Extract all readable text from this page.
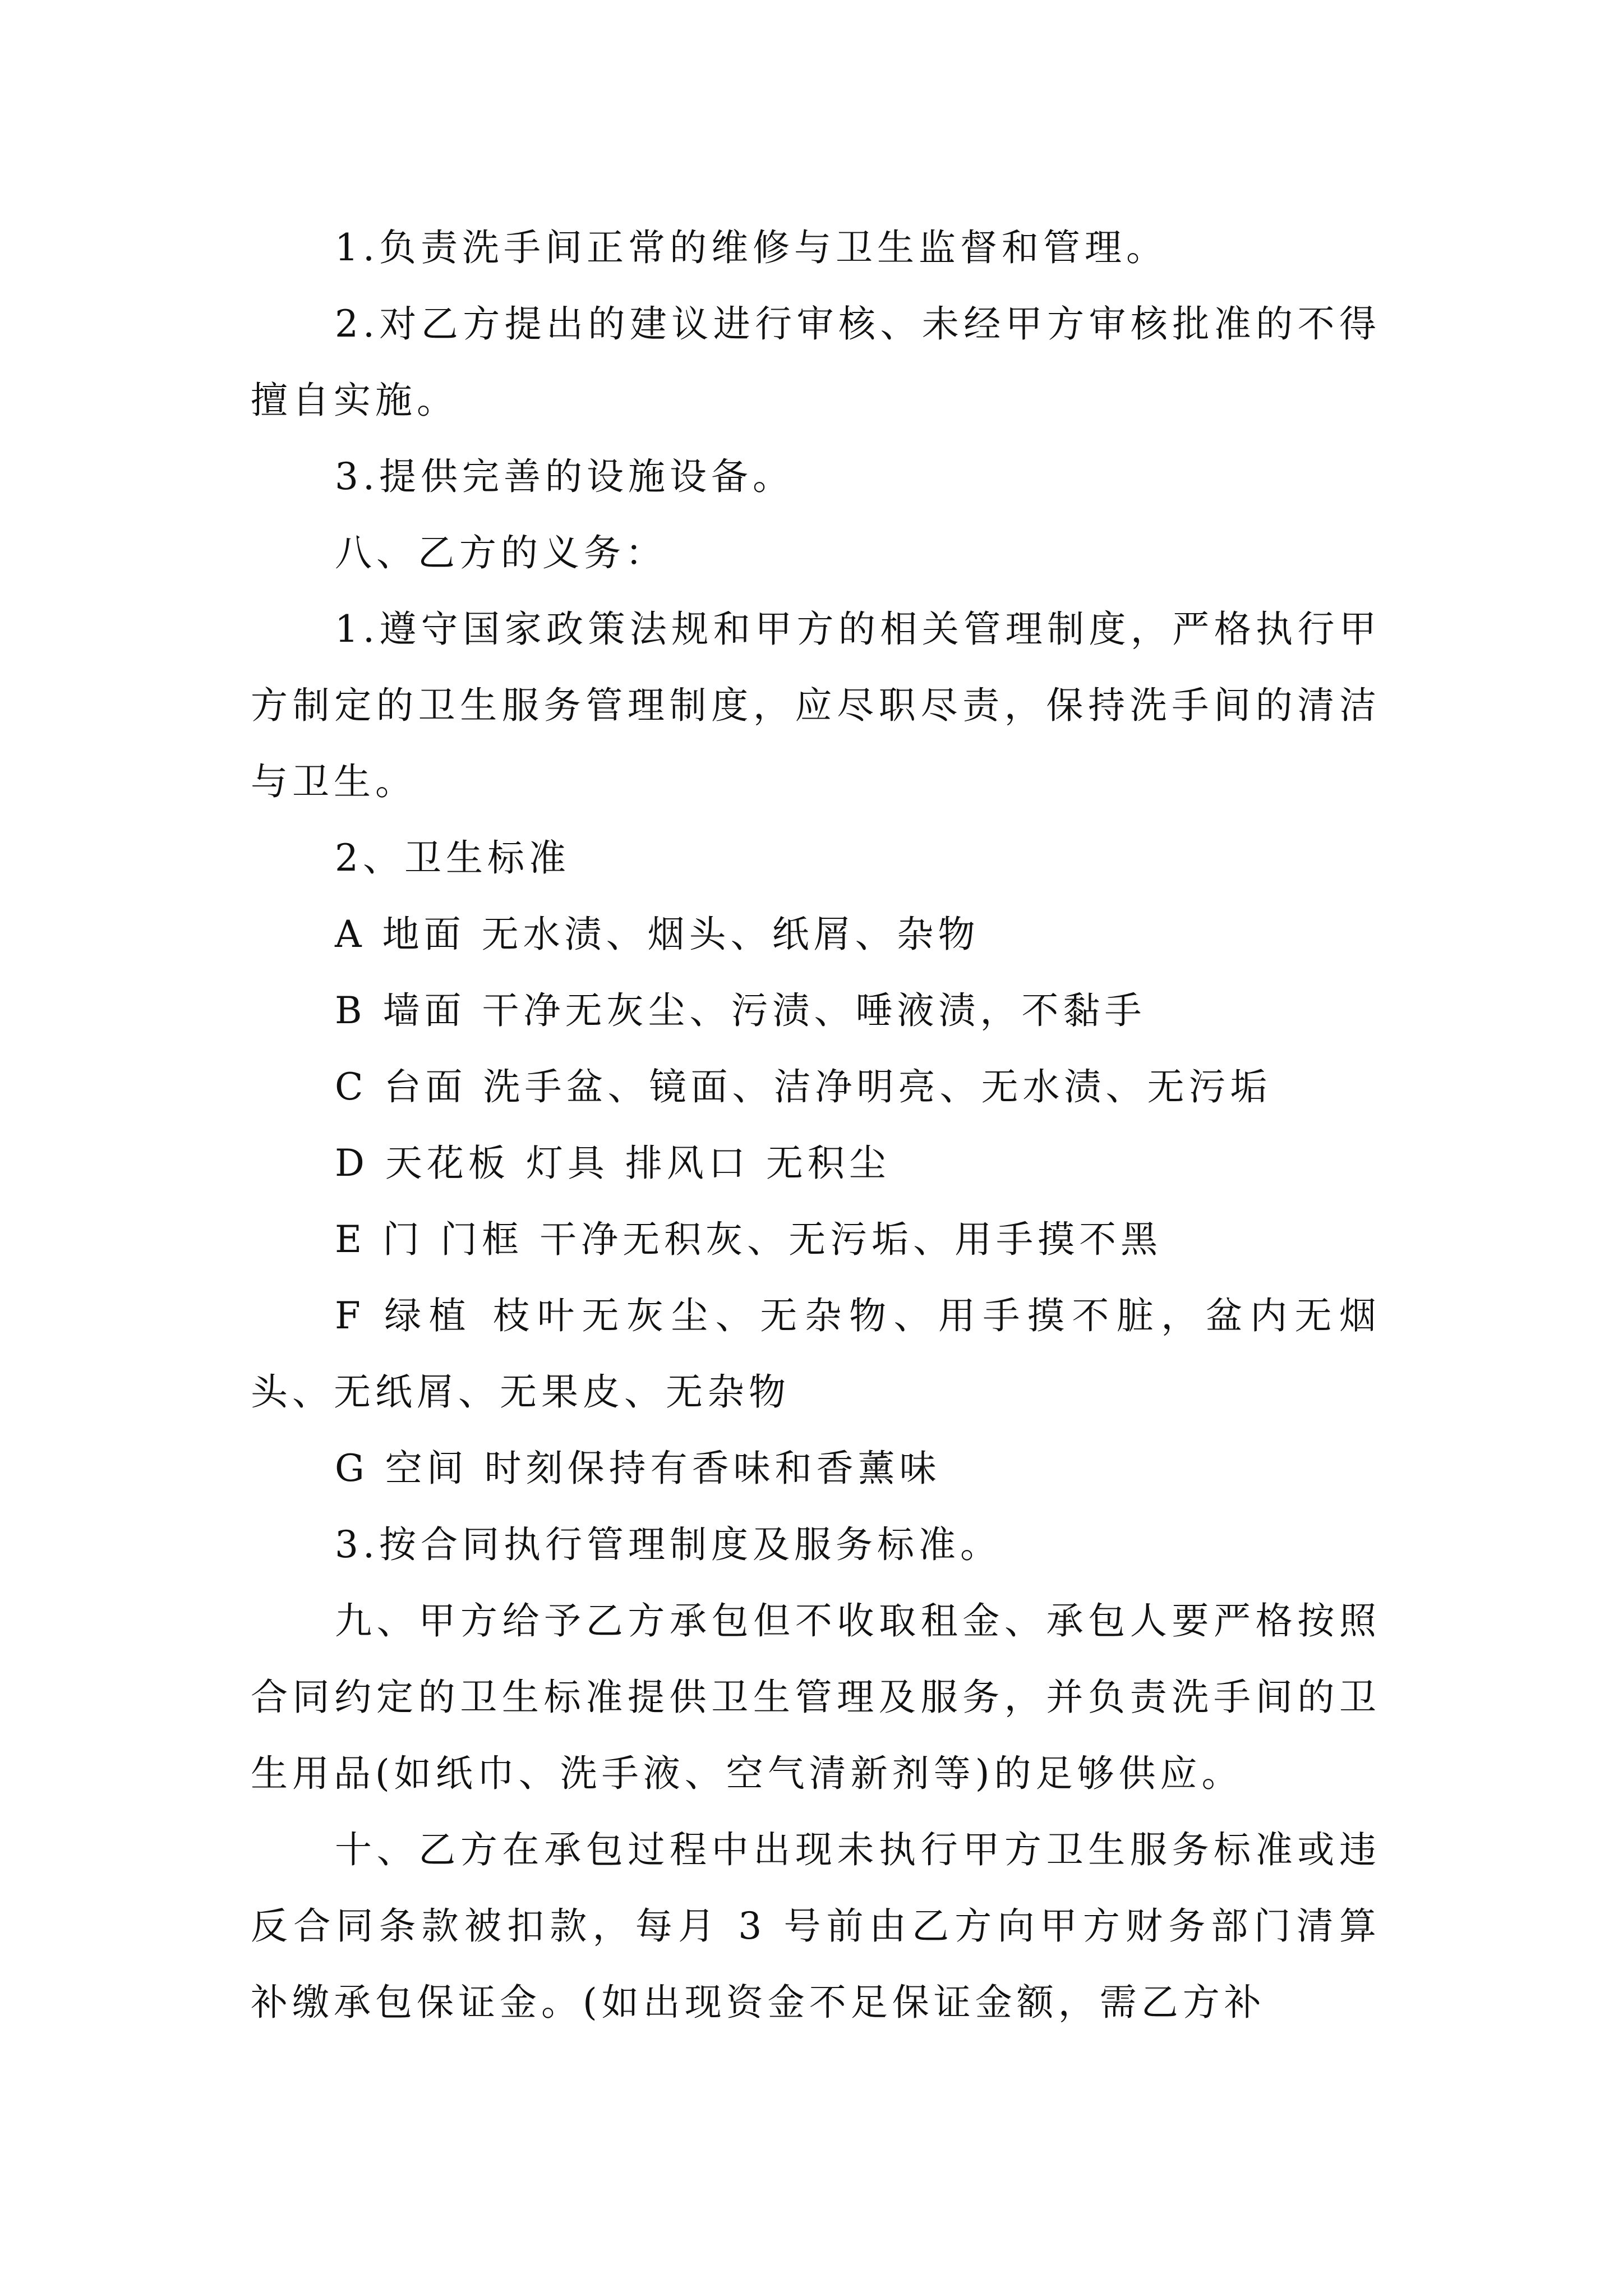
1.负责洗手间正常的维修与卫生监督和管理。

2.对乙方提出的建议进行审核、未经甲方审核批准的不得擅自实施。

3.提供完善的设施设备。

八、乙方的义务：

1.遵守国家政策法规和甲方的相关管理制度，严格执行甲方制定的卫生服务管理制度，应尽职尽责，保持洗手间的清洁与卫生。

2、卫生标准

A 地面 无水渍、烟头、纸屑、杂物

B 墙面 干净无灰尘、污渍、唾液渍，不黏手

C 台面 洗手盆、镜面、洁净明亮、无水渍、无污垢

D 天花板 灯具 排风口 无积尘

E 门 门框 干净无积灰、无污垢、用手摸不黑

F 绿植 枝叶无灰尘、无杂物、用手摸不脏，盆内无烟头、无纸屑、无果皮、无杂物

G 空间 时刻保持有香味和香薰味

3.按合同执行管理制度及服务标准。

九、甲方给予乙方承包但不收取租金、承包人要严格按照合同约定的卫生标准提供卫生管理及服务，并负责洗手间的卫生用品(如纸巾、洗手液、空气清新剂等)的足够供应。

十、乙方在承包过程中出现未执行甲方卫生服务标准或违反合同条款被扣款，每月 3 号前由乙方向甲方财务部门清算补缴承包保证金。(如出现资金不足保证金额，需乙方补
